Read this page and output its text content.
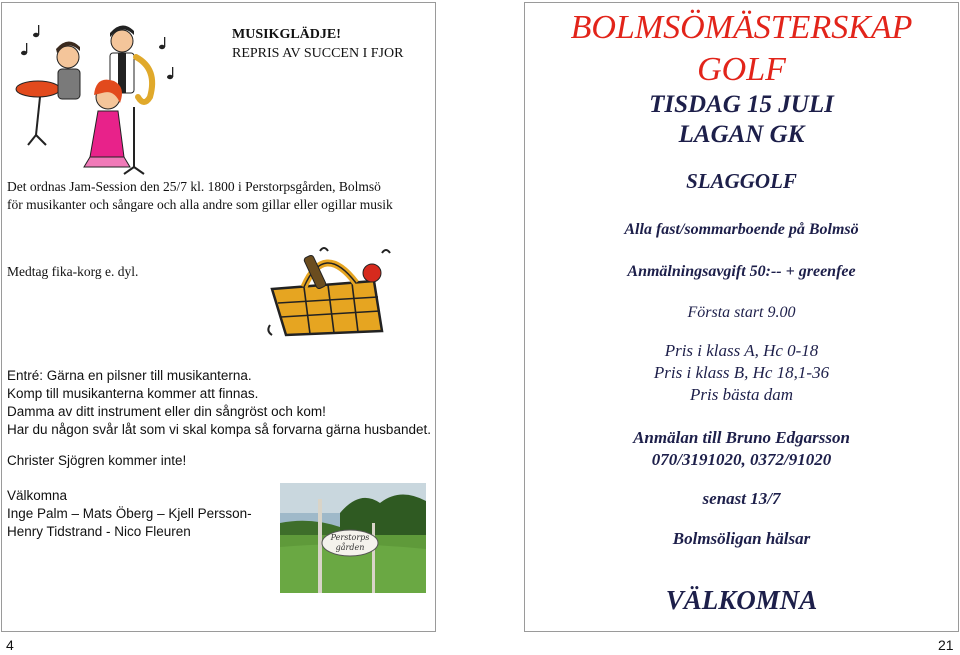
MUSIKGLÄDJE!
REPRIS AV SUCCEN I FJOR
Det ordnas Jam-Session den 25/7 kl. 1800 i Perstorpsgården, Bolmsö
för musikanter och sångare och alla andre som gillar eller ogillar musik
Medtag fika-korg e. dyl.
Entré: Gärna en pilsner till musikanterna.
Komp till musikanterna kommer att finnas.
Damma av ditt instrument eller din sångröst och kom!
Har du någon svår låt som vi skal kompa så forvarna gärna husbandet.
Christer Sjögren kommer inte!
Välkomna
Inge Palm – Mats Öberg – Kjell Persson-
Henry Tidstrand - Nico Fleuren	Perstorps
gården
BOLMSÖMÄSTERSKAP
GOLF
TISDAG 15 JULI
LAGAN GK
SLAGGOLF
Alla fast/sommarboende på Bolmsö
Anmälningsavgift 50:-- + greenfee
Första start 9.00
Pris i klass A, Hc 0-18
Pris i klass B, Hc 18,1-36
Pris bästa dam
Anmälan till Bruno Edgarsson
070/3191020, 0372/91020
senast 13/7
Bolmsöligan hälsar
VÄLKOMNA
4	21
